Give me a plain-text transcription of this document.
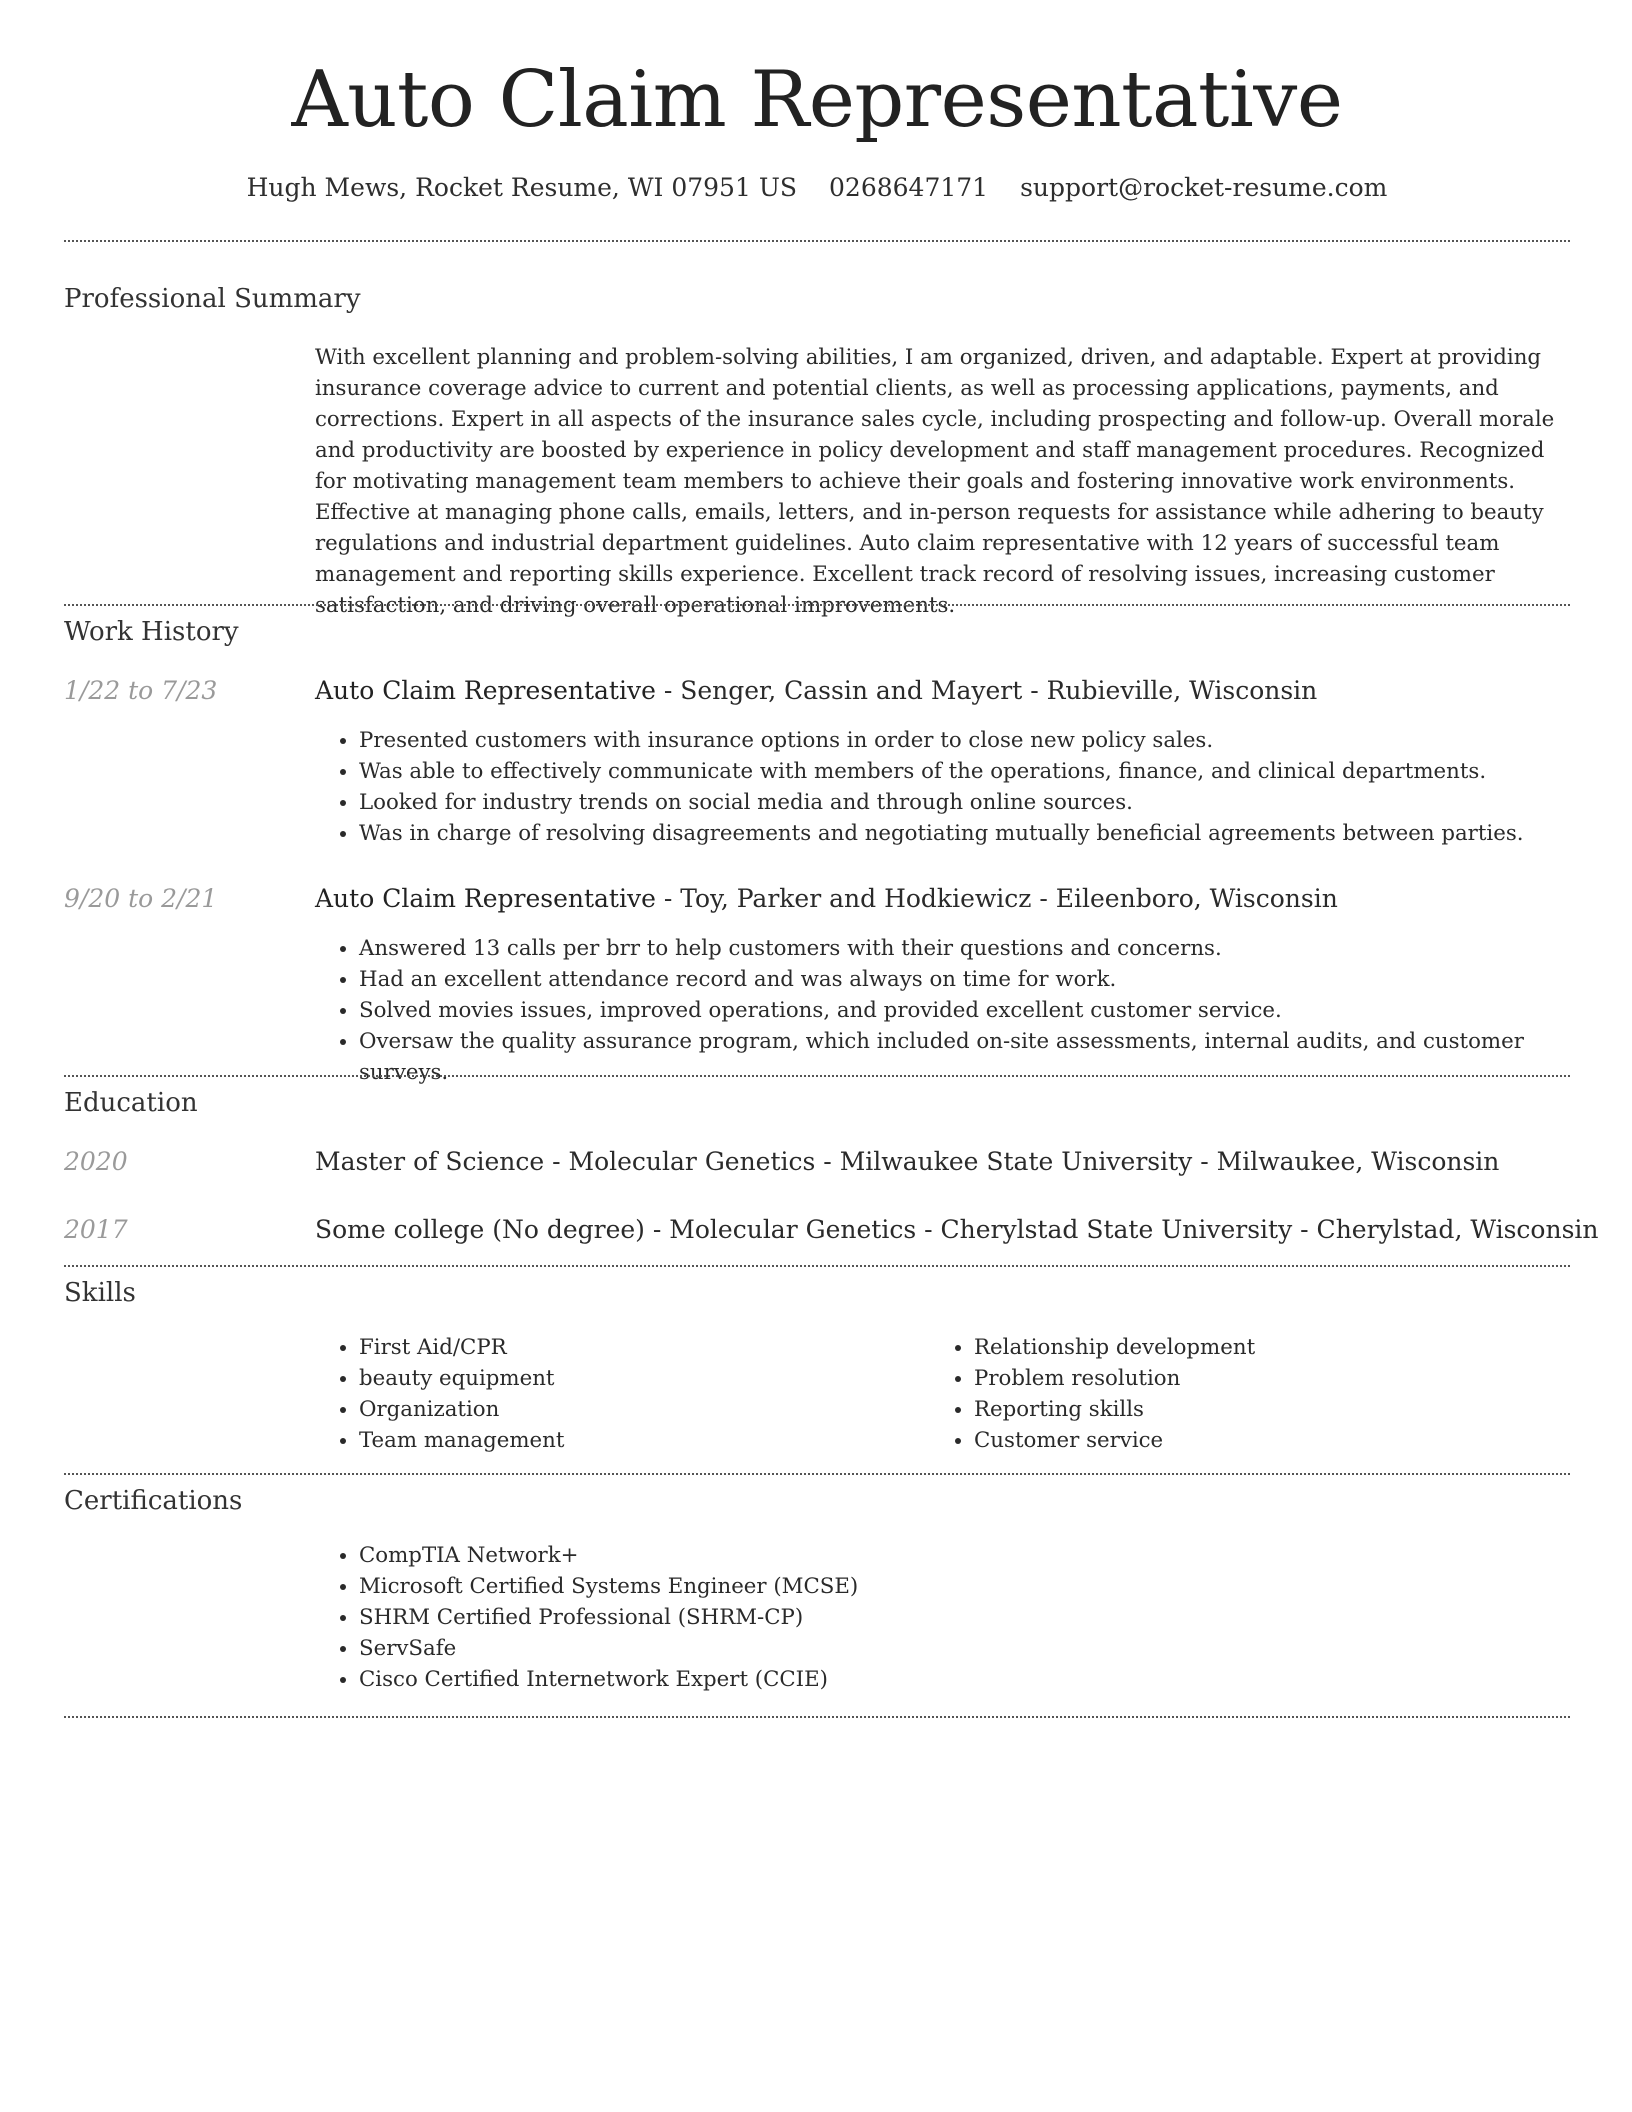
Auto Claim Representative
Hugh Mews, Rocket Resume, WI 07951 US 0268647171 support@rocket-resume.com
Professional Summary

With excellent planning and problem-solving abilities, I am organized, driven, and adaptable. Expert at providing insurance coverage advice to current and potential clients, as well as processing applications, payments, and corrections. Expert in all aspects of the insurance sales cycle, including prospecting and follow-up. Overall morale and productivity are boosted by experience in policy development and staff management procedures. Recognized for motivating management team members to achieve their goals and fostering innovative work environments. Effective at managing phone calls, emails, letters, and in-person requests for assistance while adhering to beauty regulations and industrial department guidelines. Auto claim representative with 12 years of successful team management and reporting skills experience. Excellent track record of resolving issues, increasing customer satisfaction, and driving overall operational improvements.

Work History
1/22 to 7/23	Auto Claim Representative - Senger, Cassin and Mayert - Rubieville, Wisconsin
• Presented customers with insurance options in order to close new policy sales.
• Was able to effectively communicate with members of the operations, finance, and clinical departments.
• Looked for industry trends on social media and through online sources.
• Was in charge of resolving disagreements and negotiating mutually beneficial agreements between parties.
9/20 to 2/21	Auto Claim Representative - Toy, Parker and Hodkiewicz - Eileenboro, Wisconsin
• Answered 13 calls per brr to help customers with their questions and concerns.
• Had an excellent attendance record and was always on time for work.
• Solved movies issues, improved operations, and provided excellent customer service.
• Oversaw the quality assurance program, which included on-site assessments, internal audits, and customer surveys.
Education
2020	Master of Science - Molecular Genetics - Milwaukee State University - Milwaukee, Wisconsin
2017	Some college (No degree) - Molecular Genetics - Cherylstad State University - Cherylstad, Wisconsin
Skills
• First Aid/CPR
• beauty equipment
• Organization
• Team management
• Relationship development
• Problem resolution
• Reporting skills
• Customer service
Certifications
• CompTIA Network+
• Microsoft Certified Systems Engineer (MCSE)
• SHRM Certified Professional (SHRM-CP)
• ServSafe
• Cisco Certified Internetwork Expert (CCIE)
